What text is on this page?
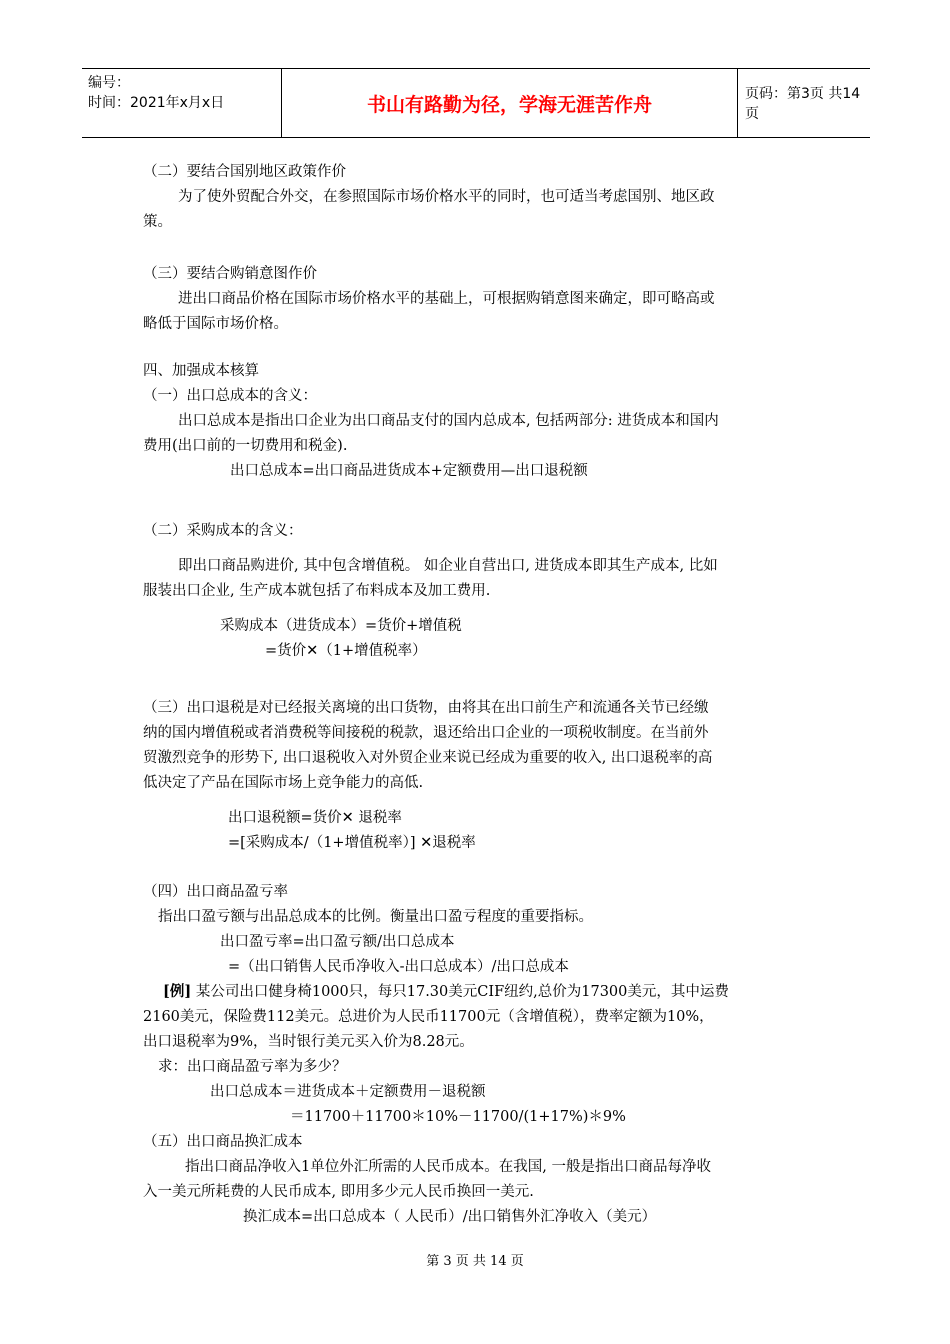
编号：
时间：2021年x月x日	书山有路勤为径，学海无涯苦作舟	页码：第3页 共14页
（二）要结合国别地区政策作价
为了使外贸配合外交，在参照国际市场价格水平的同时，也可适当考虑国别、地区政
策。
（三）要结合购销意图作价
进出口商品价格在国际市场价格水平的基础上，可根据购销意图来确定，即可略高或
略低于国际市场价格。
四、加强成本核算
（一）出口总成本的含义：
出口总成本是指出口企业为出口商品支付的国内总成本, 包括两部分: 进货成本和国内
费用(出口前的一切费用和税金).
出口总成本=出口商品进货成本+定额费用—出口退税额
（二）采购成本的含义：
即出口商品购进价, 其中包含增值税。 如企业自营出口, 进货成本即其生产成本, 比如
服装出口企业, 生产成本就包括了布料成本及加工费用.
采购成本（进货成本）=货价+增值税
=货价✕（1+增值税率）
（三）出口退税是对已经报关离境的出口货物，由将其在出口前生产和流通各关节已经缴
纳的国内增值税或者消费税等间接税的税款，退还给出口企业的一项税收制度。在当前外
贸激烈竞争的形势下, 出口退税收入对外贸企业来说已经成为重要的收入, 出口退税率的高
低决定了产品在国际市场上竞争能力的高低.
出口退税额=货价✕ 退税率
=[采购成本/（1+增值税率）] ✕退税率
（四）出口商品盈亏率
指出口盈亏额与出品总成本的比例。衡量出口盈亏程度的重要指标。
出口盈亏率=出口盈亏额/出口总成本
=（出口销售人民币净收入-出口总成本）/出口总成本
[例] 某公司出口健身椅1000只，每只17.30美元CIF纽约,总价为17300美元，其中运费
2160美元，保险费112美元。总进价为人民币11700元（含增值税），费率定额为10%，
出口退税率为9%，当时银行美元买入价为8.28元。
求：出口商品盈亏率为多少？
出口总成本＝进货成本＋定额费用－退税额
＝11700＋11700＊10%－11700/(1+17%)＊9%
（五）出口商品换汇成本
指出口商品净收入1单位外汇所需的人民币成本。在我国, 一般是指出口商品每净收
入一美元所耗费的人民币成本, 即用多少元人民币换回一美元.
换汇成本=出口总成本（ 人民币）/出口销售外汇净收入（美元）
第 3 页 共 14 页
